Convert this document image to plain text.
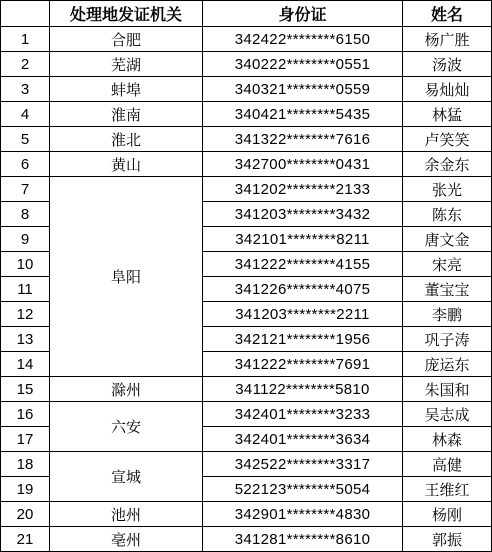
	处理地发证机关	身份证	姓名
1	合肥	342422********6150	杨广胜
2	芜湖	340222********0551	汤波
3	蚌埠	340321********0559	易灿灿
4	淮南	340421********5435	林猛
5	淮北	341322********7616	卢笑笑
6	黄山	342700********0431	余金东
7	阜阳	341202********2133	张光
8		341203********3432	陈东
9		342101********8211	唐文金
10		341222********4155	宋亮
11		341226********4075	董宝宝
12		341203********2211	李鹏
13		342121********1956	巩子涛
14		341222********7691	庞运东
15	滁州	341122********5810	朱国和
16	六安	342401********3233	吴志成
17		342401********3634	林森
18	宣城	342522********3317	高健
19		522123********5054	王维红
20	池州	342901********4830	杨刚
21	亳州	341281********8610	郭振
